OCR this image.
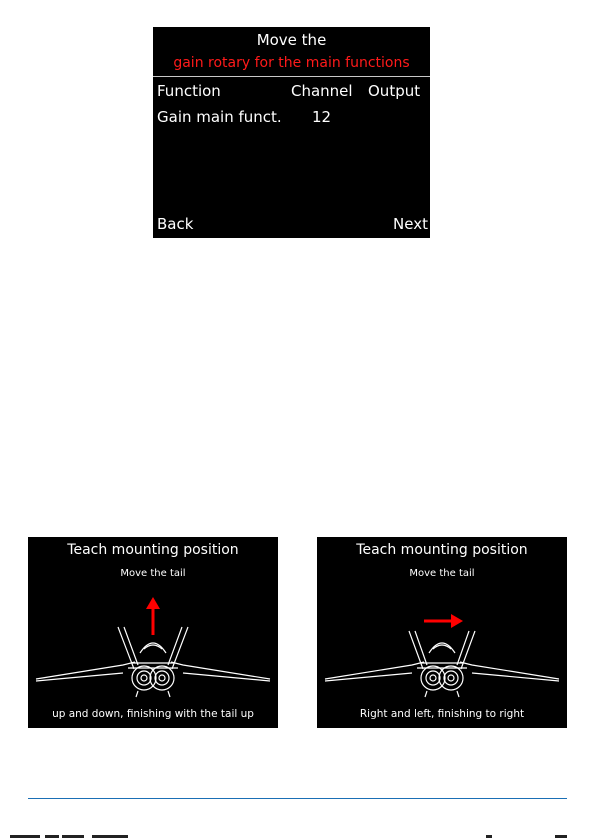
Move the
gain rotary for the main functions
Function	Channel Output
Gain main funct. 12
Back	Next
Teach mounting position
Move the tail
up and down, finishing with the tail up
Teach mounting position
Move the tail
Right and left, finishing to right
